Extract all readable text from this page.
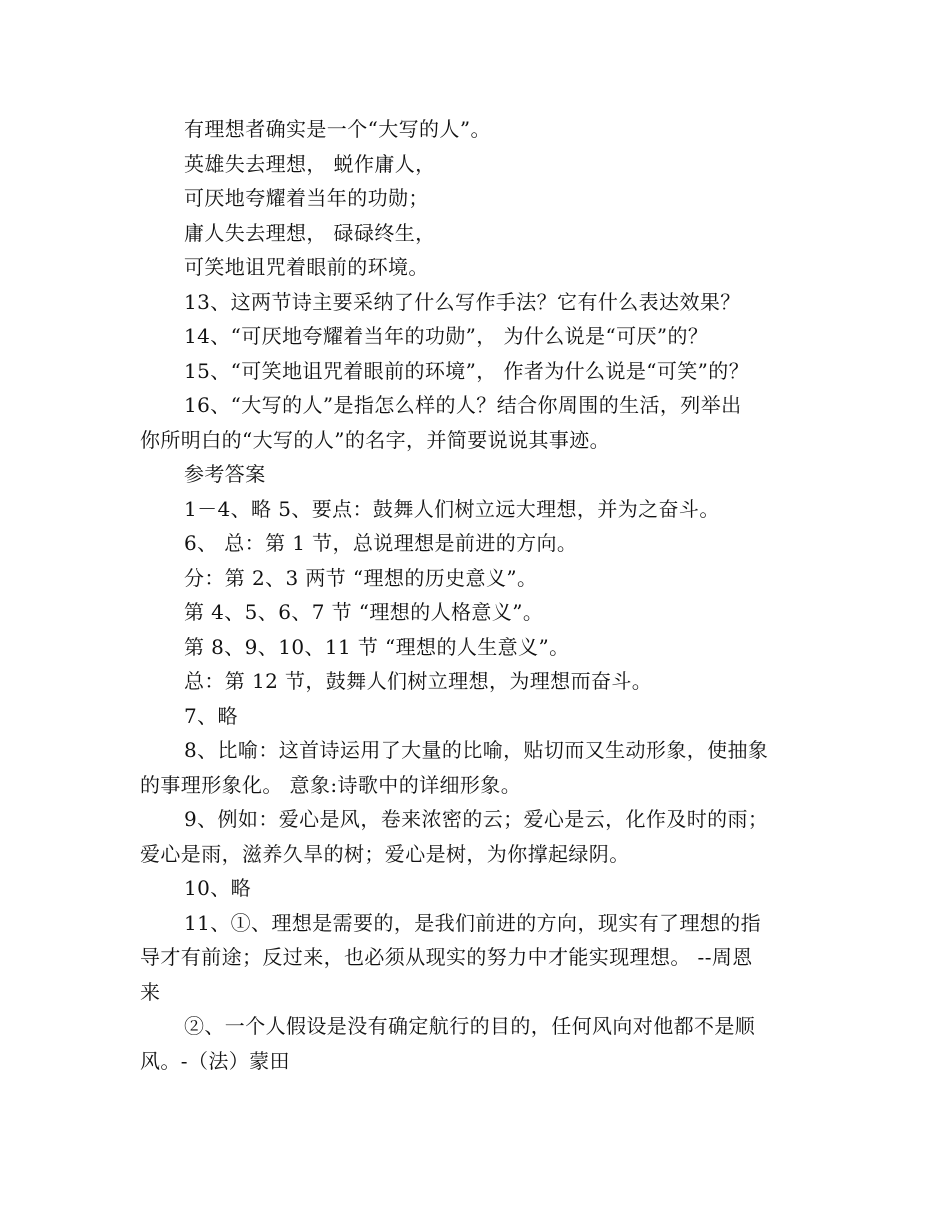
有理想者确实是一个“大写的人”。
英雄失去理想， 蜕作庸人，
可厌地夸耀着当年的功勋；
庸人失去理想， 碌碌终生，
可笑地诅咒着眼前的环境。
13、这两节诗主要采纳了什么写作手法？它有什么表达效果？
14、“可厌地夸耀着当年的功勋”， 为什么说是“可厌”的？
15、“可笑地诅咒着眼前的环境”， 作者为什么说是“可笑”的？
16、“大写的人”是指怎么样的人？结合你周围的生活，列举出
你所明白的“大写的人”的名字，并简要说说其事迹。
参考答案
1－4、略 5、要点：鼓舞人们树立远大理想，并为之奋斗。
6、 总：第 1 节，总说理想是前进的方向。
分：第 2、3 两节 “理想的历史意义”。
第 4、5、6、7 节 “理想的人格意义”。
第 8、9、10、11 节 “理想的人生意义”。
总：第 12 节，鼓舞人们树立理想，为理想而奋斗。
7、略
8、比喻：这首诗运用了大量的比喻，贴切而又生动形象，使抽象
的事理形象化。 意象:诗歌中的详细形象。
9、例如：爱心是风，卷来浓密的云；爱心是云，化作及时的雨；
爱心是雨，滋养久旱的树；爱心是树，为你撑起绿阴。
10、略
11、①、理想是需要的，是我们前进的方向，现实有了理想的指
导才有前途；反过来，也必须从现实的努力中才能实现理想。 --周恩
来
②、一个人假设是没有确定航行的目的，任何风向对他都不是顺
风。-（法）蒙田
